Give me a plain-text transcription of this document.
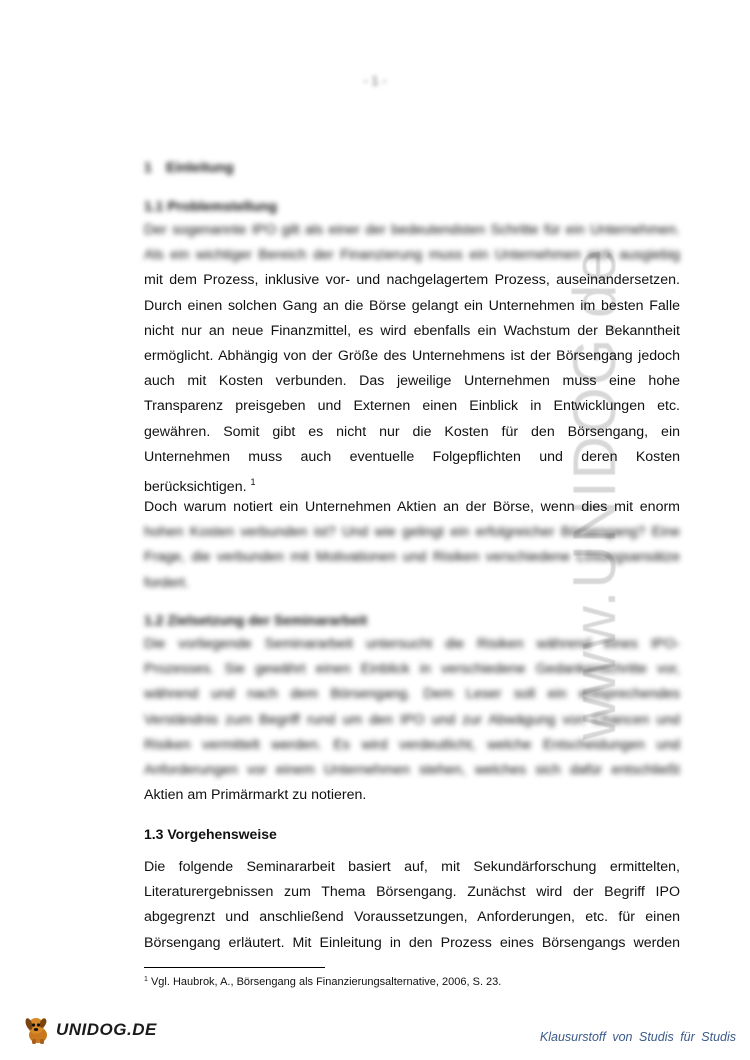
www.UNIDOG.de
- 1 -
1 Einleitung
1.1 Problemstellung
Der sogenannte IPO gilt als einer der bedeutendsten Schritte für ein Unternehmen.
Als ein wichtiger Bereich der Finanzierung muss ein Unternehmen sich ausgiebig
mit dem Prozess, inklusive vor- und nachgelagertem Prozess, auseinandersetzen.
Durch einen solchen Gang an die Börse gelangt ein Unternehmen im besten Falle
nicht nur an neue Finanzmittel, es wird ebenfalls ein Wachstum der Bekanntheit
ermöglicht. Abhängig von der Größe des Unternehmens ist der Börsengang jedoch
auch mit Kosten verbunden. Das jeweilige Unternehmen muss eine hohe
Transparenz preisgeben und Externen einen Einblick in Entwicklungen etc.
gewähren. Somit gibt es nicht nur die Kosten für den Börsengang, ein
Unternehmen muss auch eventuelle Folgepflichten und deren Kosten
berücksichtigen. $^1$
Doch warum notiert ein Unternehmen Aktien an der Börse, wenn dies mit enorm
hohen Kosten verbunden ist? Und wie gelingt ein erfolgreicher Börsengang? Eine
Frage, die verbunden mit Motivationen und Risiken verschiedene Lösungsansätze
fordert.
1.2 Zielsetzung der Seminararbeit
Die vorliegende Seminararbeit untersucht die Risiken während eines IPO-
Prozesses. Sie gewährt einen Einblick in verschiedene Gedankenschritte vor,
während und nach dem Börsengang. Dem Leser soll ein entsprechendes
Verständnis zum Begriff rund um den IPO und zur Abwägung von Chancen und
Risiken vermittelt werden. Es wird verdeutlicht, welche Entscheidungen und
Anforderungen vor einem Unternehmen stehen, welches sich dafür entschließt
Aktien am Primärmarkt zu notieren.
1.3 Vorgehensweise
Die folgende Seminararbeit basiert auf, mit Sekundärforschung ermittelten,
Literaturergebnissen zum Thema Börsengang. Zunächst wird der Begriff IPO
abgegrenzt und anschließend Voraussetzungen, Anforderungen, etc. für einen
Börsengang erläutert. Mit Einleitung in den Prozess eines Börsengangs werden
$^1$ Vgl. Haubrok, A., Börsengang als Finanzierungsalternative, 2006, S. 23.
UNIDOG.DE	Klausurstoff von Studis für Studis
